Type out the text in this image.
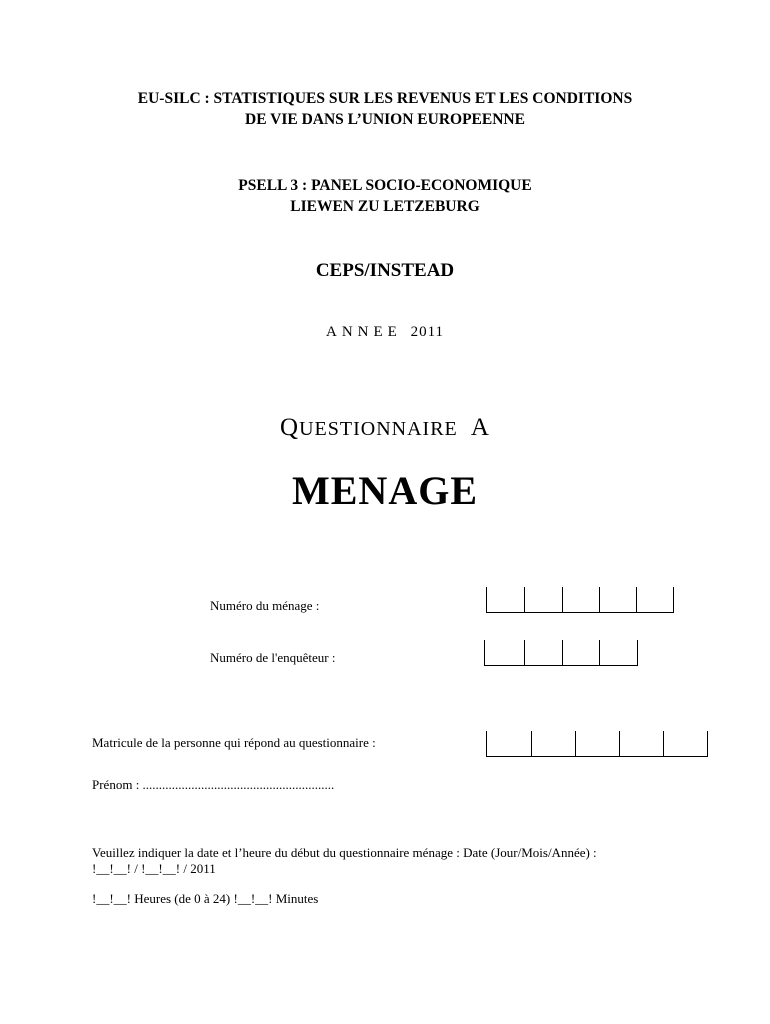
EU-SILC : STATISTIQUES SUR LES REVENUS ET LES CONDITIONS
DE VIE DANS L’UNION EUROPEENNE
PSELL 3 : PANEL SOCIO-ECONOMIQUE
LIEWEN ZU LETZEBURG
CEPS/INSTEAD
ANNEE 2011
QUESTIONNAIRE A
MENAGE
Numéro du ménage :
Numéro de l'enquêteur :
Matricule de la personne qui répond au questionnaire :
Prénom : ...........................................................
Veuillez indiquer la date et l’heure du début du questionnaire ménage : Date (Jour/Mois/Année) :
!__!__! / !__!__! / 2011
!__!__! Heures (de 0 à 24) !__!__! Minutes
